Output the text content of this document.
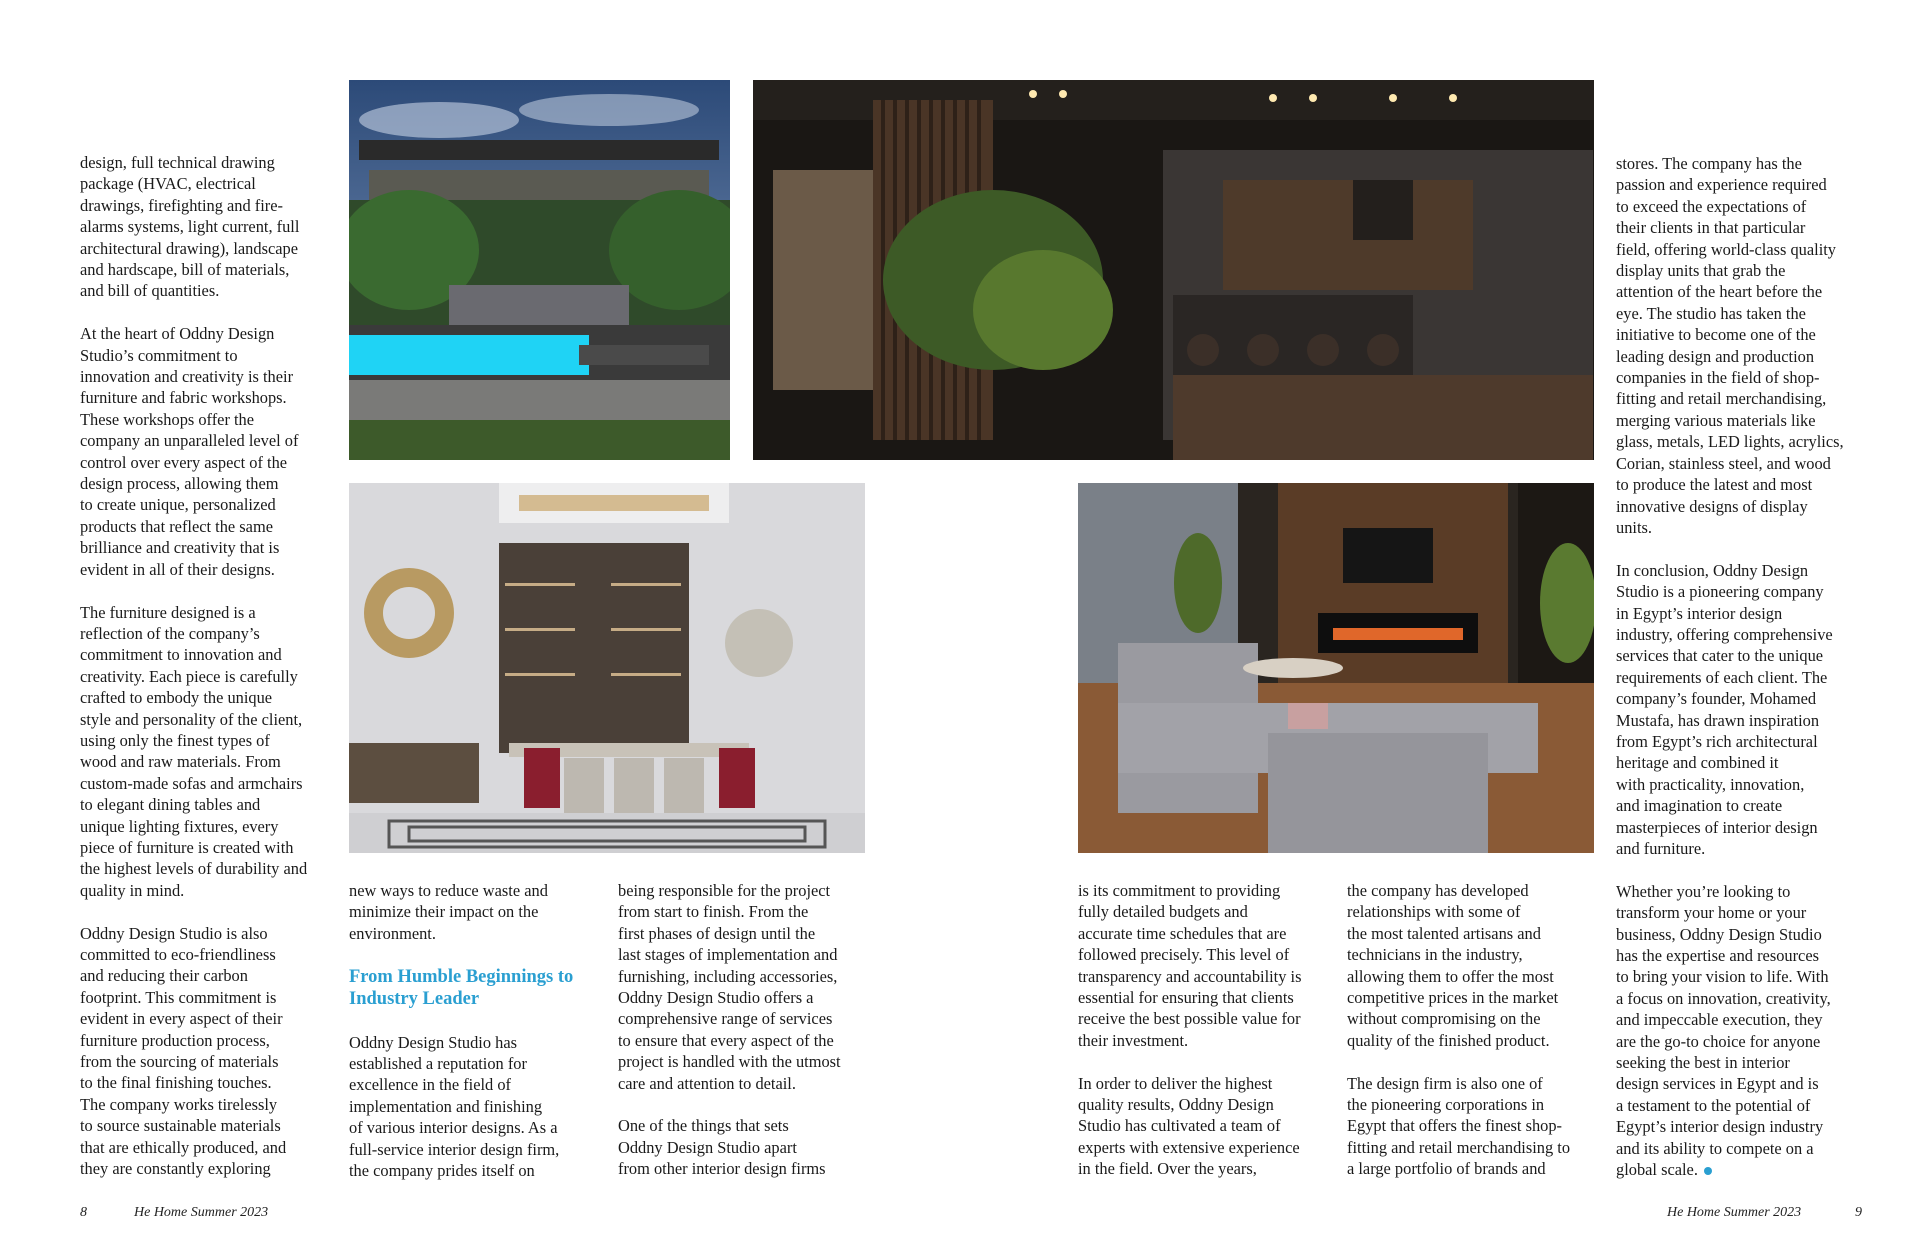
design, full technical drawing
package (HVAC, electrical
drawings, firefighting and fire-
alarms systems, light current, full
architectural drawing), landscape
and hardscape, bill of materials,
and bill of quantities.

At the heart of Oddny Design
Studio’s commitment to
innovation and creativity is their
furniture and fabric workshops.
These workshops offer the
company an unparalleled level of
control over every aspect of the
design process, allowing them
to create unique, personalized
products that reflect the same
brilliance and creativity that is
evident in all of their designs.

The furniture designed is a
reflection of the company’s
commitment to innovation and
creativity. Each piece is carefully
crafted to embody the unique
style and personality of the client,
using only the finest types of
wood and raw materials. From
custom-made sofas and armchairs
to elegant dining tables and
unique lighting fixtures, every
piece of furniture is created with
the highest levels of durability and
quality in mind.

Oddny Design Studio is also
committed to eco-friendliness
and reducing their carbon
footprint. This commitment is
evident in every aspect of their
furniture production process,
from the sourcing of materials
to the final finishing touches.
The company works tirelessly
to source sustainable materials
that are ethically produced, and
they are constantly exploring

new ways to reduce waste and
minimize their impact on the
environment.

From Humble Beginnings to
Industry Leader

Oddny Design Studio has
established a reputation for
excellence in the field of
implementation and finishing
of various interior designs. As a
full-service interior design firm,
the company prides itself on

being responsible for the project
from start to finish. From the
first phases of design until the
last stages of implementation and
furnishing, including accessories,
Oddny Design Studio offers a
comprehensive range of services
to ensure that every aspect of the
project is handled with the utmost
care and attention to detail.

One of the things that sets
Oddny Design Studio apart
from other interior design firms

is its commitment to providing
fully detailed budgets and
accurate time schedules that are
followed precisely. This level of
transparency and accountability is
essential for ensuring that clients
receive the best possible value for
their investment.

In order to deliver the highest
quality results, Oddny Design
Studio has cultivated a team of
experts with extensive experience
in the field. Over the years,

the company has developed
relationships with some of
the most talented artisans and
technicians in the industry,
allowing them to offer the most
competitive prices in the market
without compromising on the
quality of the finished product.

The design firm is also one of
the pioneering corporations in
Egypt that offers the finest shop-
fitting and retail merchandising to
a large portfolio of brands and

stores. The company has the
passion and experience required
to exceed the expectations of
their clients in that particular
field, offering world-class quality
display units that grab the
attention of the heart before the
eye. The studio has taken the
initiative to become one of the
leading design and production
companies in the field of shop-
fitting and retail merchandising,
merging various materials like
glass, metals, LED lights, acrylics,
Corian, stainless steel, and wood
to produce the latest and most
innovative designs of display
units.

In conclusion, Oddny Design
Studio is a pioneering company
in Egypt’s interior design
industry, offering comprehensive
services that cater to the unique
requirements of each client. The
company’s founder, Mohamed
Mustafa, has drawn inspiration
from Egypt’s rich architectural
heritage and combined it
with practicality, innovation,
and imagination to create
masterpieces of interior design
and furniture.

Whether you’re looking to
transform your home or your
business, Oddny Design Studio
has the expertise and resources
to bring your vision to life. With
a focus on innovation, creativity,
and impeccable execution, they
are the go-to choice for anyone
seeking the best in interior
design services in Egypt and is
a testament to the potential of
Egypt’s interior design industry
and its ability to compete on a
global scale.

8	He Home Summer 2023	He Home Summer 2023	9
